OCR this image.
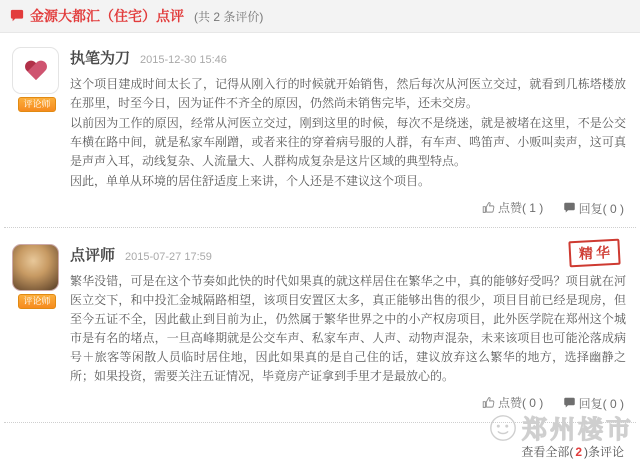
金源大都汇（住宅）点评 (共 2 条评价)
评论师
执笔为刀 2015-12-30 15:46

这个项目建成时间太长了，记得从刚入行的时候就开始销售，然后每次从河医立交过，就看到几栋塔楼放在那里，时至今日，因为证件不齐全的原因，仍然尚未销售完毕，还未交房。

以前因为工作的原因，经常从河医立交过，刚到这里的时候，每次不是绕迷，就是被堵在这里，不是公交车横在路中间，就是私家车剐蹭，或者来往的穿着病号服的人群，有车声、鸣笛声、小贩叫卖声，这可真是声声入耳，动线复杂、人流量大、人群构成复杂是这片区域的典型特点。

因此，单单从环境的居住舒适度上来讲，个人还是不建议这个项目。

点赞( 1 )
	回复( 0 )
精华
评论师
点评师 2015-07-27 17:59

繁华没错，可是在这个节奏如此快的时代如果真的就这样居住在繁华之中，真的能够好受吗？项目就在河医立交下，和中投汇金城隔路相望，该项目安置区太多，真正能够出售的很少，项目目前已经是现房，但至今五证不全，因此截止到目前为止，仍然属于繁华世界之中的小产权房项目，此外医学院在郑州这个城市是有名的堵点，一旦高峰期就是公交车声、私家车声、人声、动物声混杂，未来该项目也可能沦落成病号＋旅客等闲散人员临时居住地，因此如果真的是自己住的话，建议放弃这么繁华的地方，选择幽静之所；如果投资，需要关注五证情况，毕竟房产证拿到手里才是最放心的。

点赞( 0 )
	回复( 0 )
郑州楼市
查看全部( 2 )条评论
